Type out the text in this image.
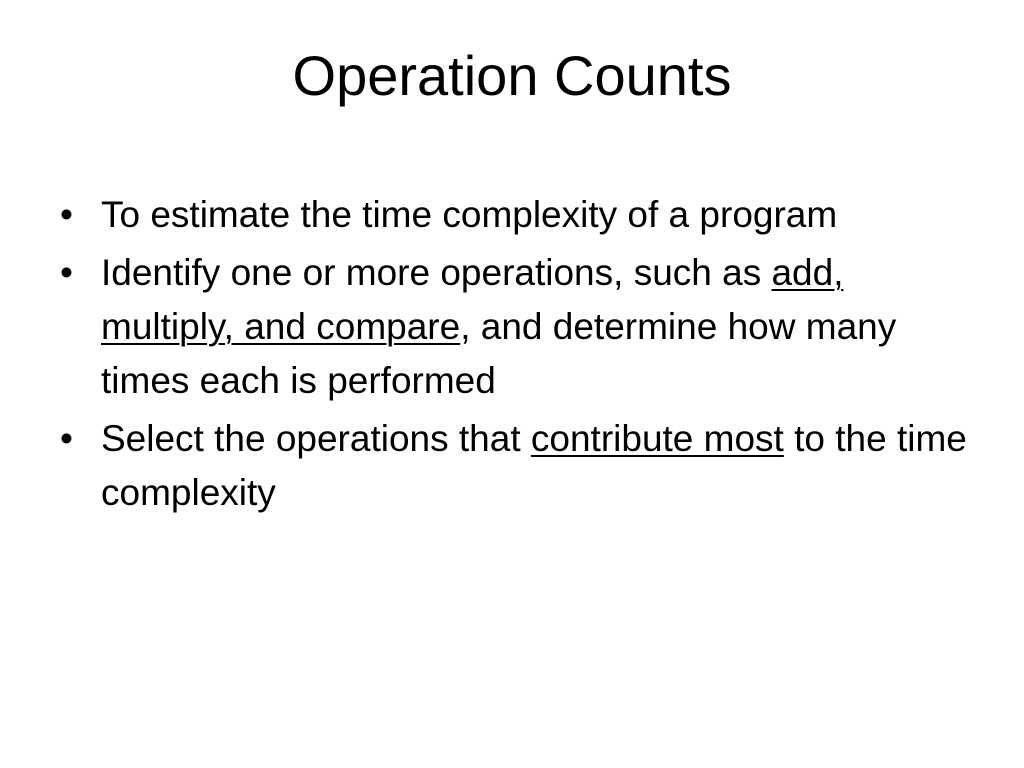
Operation Counts
• To estimate the time complexity of a program
• Identify one or more operations, such as add, multiply, and compare, and determine how many times each is performed
• Select the operations that contribute most to the time complexity
